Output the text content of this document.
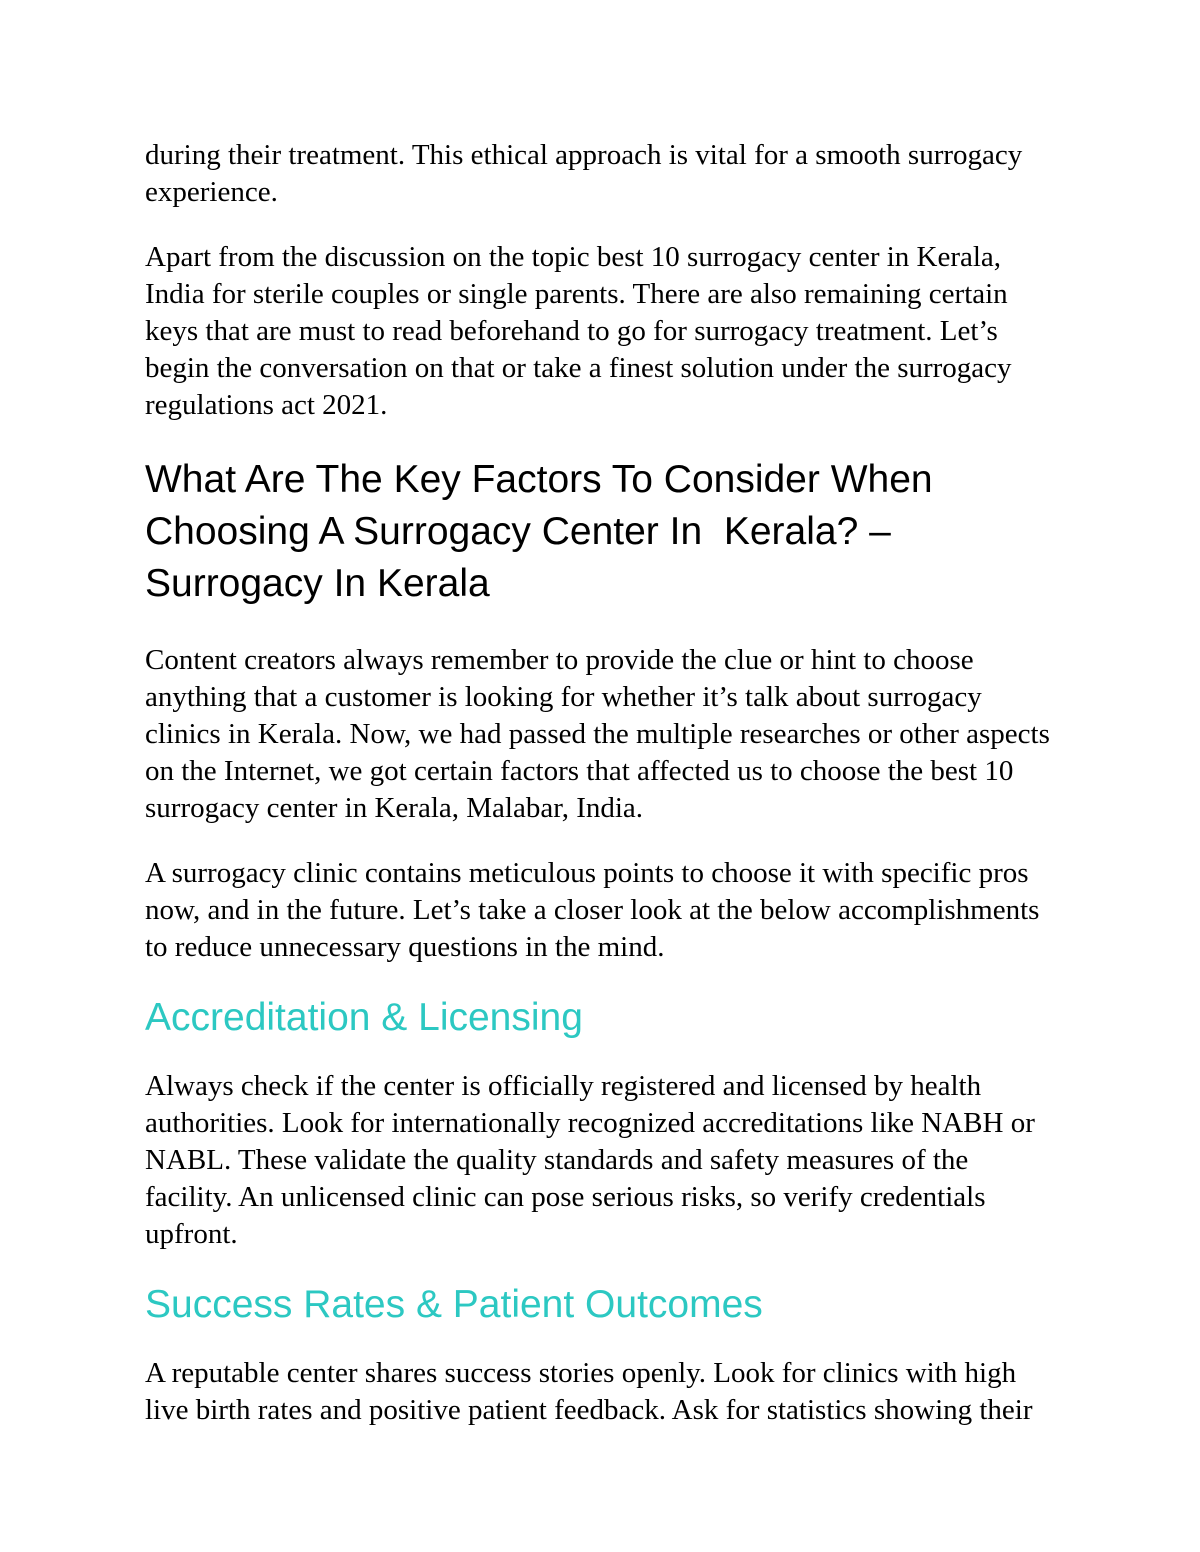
during their treatment. This ethical approach is vital for a smooth surrogacy experience.

Apart from the discussion on the topic best 10 surrogacy center in Kerala, India for sterile couples or single parents. There are also remaining certain keys that are must to read beforehand to go for surrogacy treatment. Let’s begin the conversation on that or take a finest solution under the surrogacy regulations act 2021.

What Are The Key Factors To Consider When Choosing A Surrogacy Center In  Kerala? – Surrogacy In Kerala

Content creators always remember to provide the clue or hint to choose anything that a customer is looking for whether it’s talk about surrogacy clinics in Kerala. Now, we had passed the multiple researches or other aspects on the Internet, we got certain factors that affected us to choose the best 10 surrogacy center in Kerala, Malabar, India.

A surrogacy clinic contains meticulous points to choose it with specific pros now, and in the future. Let’s take a closer look at the below accomplishments to reduce unnecessary questions in the mind.

Accreditation & Licensing

Always check if the center is officially registered and licensed by health authorities. Look for internationally recognized accreditations like NABH or NABL. These validate the quality standards and safety measures of the facility. An unlicensed clinic can pose serious risks, so verify credentials upfront.

Success Rates & Patient Outcomes

A reputable center shares success stories openly. Look for clinics with high live birth rates and positive patient feedback. Ask for statistics showing their
